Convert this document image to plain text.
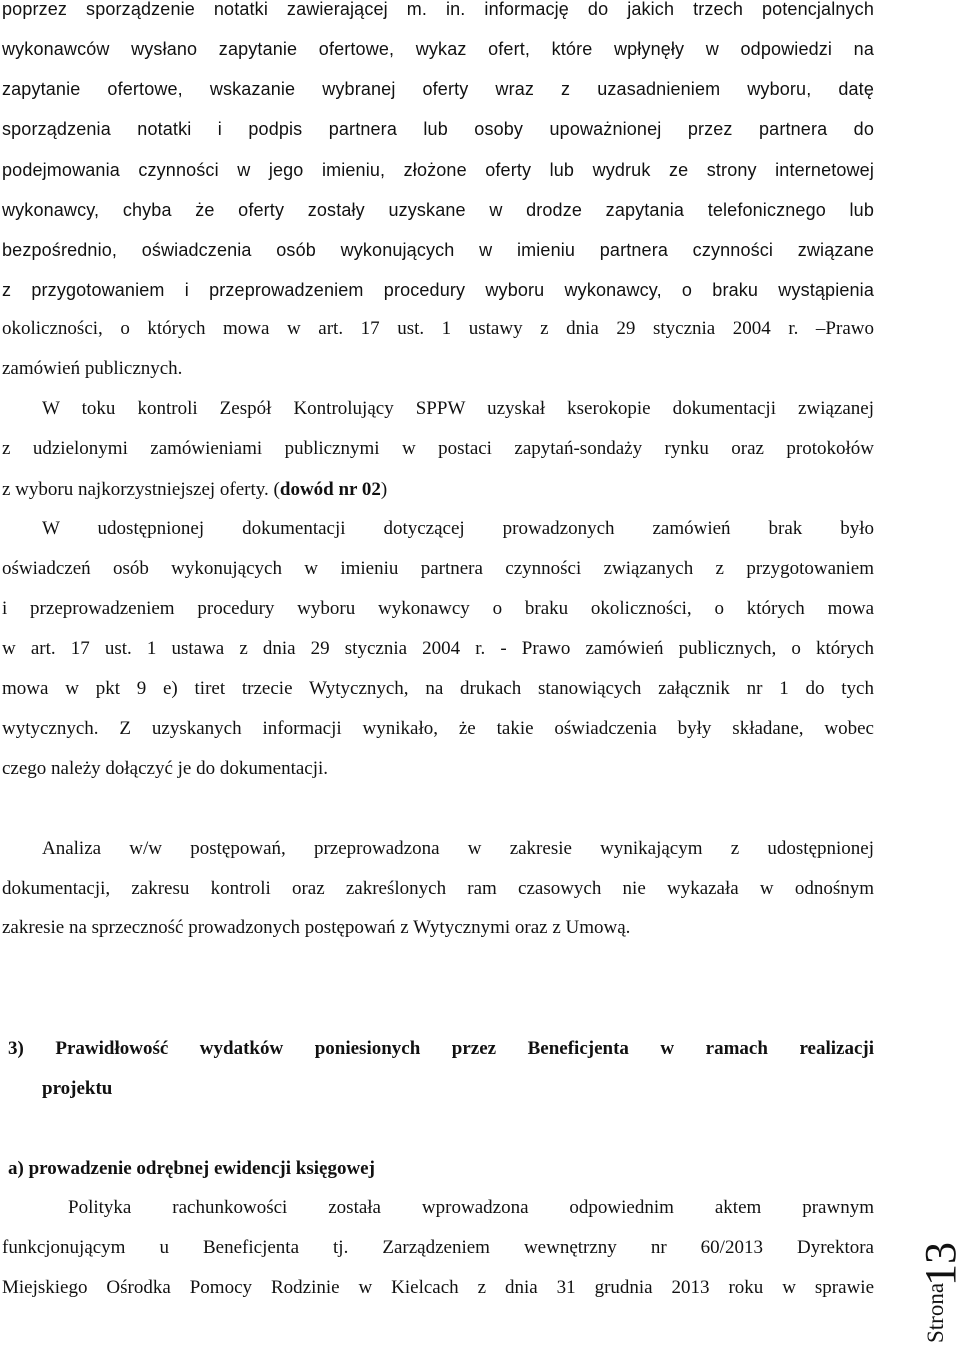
poprzez sporządzenie notatki zawierającej m. in. informację do jakich trzech potencjalnych
wykonawców wysłano zapytanie ofertowe, wykaz ofert, które wpłynęły w odpowiedzi na
zapytanie ofertowe, wskazanie wybranej oferty wraz z uzasadnieniem wyboru, datę
sporządzenia notatki i podpis partnera lub osoby upoważnionej przez partnera do
podejmowania czynności w jego imieniu, złożone oferty lub wydruk ze strony internetowej
wykonawcy, chyba że oferty zostały uzyskane w drodze zapytania telefonicznego lub
bezpośrednio, oświadczenia osób wykonujących w imieniu partnera czynności związane
z przygotowaniem i przeprowadzeniem procedury wyboru wykonawcy, o braku wystąpienia
okoliczności, o których mowa w art. 17 ust. 1 ustawy z dnia 29 stycznia 2004 r. –Prawo
zamówień publicznych.
W toku kontroli Zespół Kontrolujący SPPW uzyskał kserokopie dokumentacji związanej
z udzielonymi zamówieniami publicznymi w postaci zapytań-sondaży rynku oraz protokołów
z wyboru najkorzystniejszej oferty. (dowód nr 02)
W udostępnionej dokumentacji dotyczącej prowadzonych zamówień brak było
oświadczeń osób wykonujących w imieniu partnera czynności związanych z przygotowaniem
i przeprowadzeniem procedury wyboru wykonawcy o braku okoliczności, o których mowa
w art. 17 ust. 1 ustawa z dnia 29 stycznia 2004 r. - Prawo zamówień publicznych, o których
mowa w pkt 9 e) tiret trzecie Wytycznych, na drukach stanowiących załącznik nr 1 do tych
wytycznych. Z uzyskanych informacji wynikało, że takie oświadczenia były składane, wobec
czego należy dołączyć je do dokumentacji.
Analiza w/w postępowań, przeprowadzona w zakresie wynikającym z udostępnionej
dokumentacji, zakresu kontroli oraz zakreślonych ram czasowych nie wykazała w odnośnym
zakresie na sprzeczność prowadzonych postępowań z Wytycznymi oraz z Umową.
3) Prawidłowość wydatków poniesionych przez Beneficjenta w ramach realizacji
projektu
a) prowadzenie odrębnej ewidencji księgowej
Polityka rachunkowości została wprowadzona odpowiednim aktem prawnym
funkcjonującym u Beneficjenta tj. Zarządzeniem wewnętrzny nr 60/2013 Dyrektora
Miejskiego Ośrodka Pomocy Rodzinie w Kielcach z dnia 31 grudnia 2013 roku w sprawie Strona
13
